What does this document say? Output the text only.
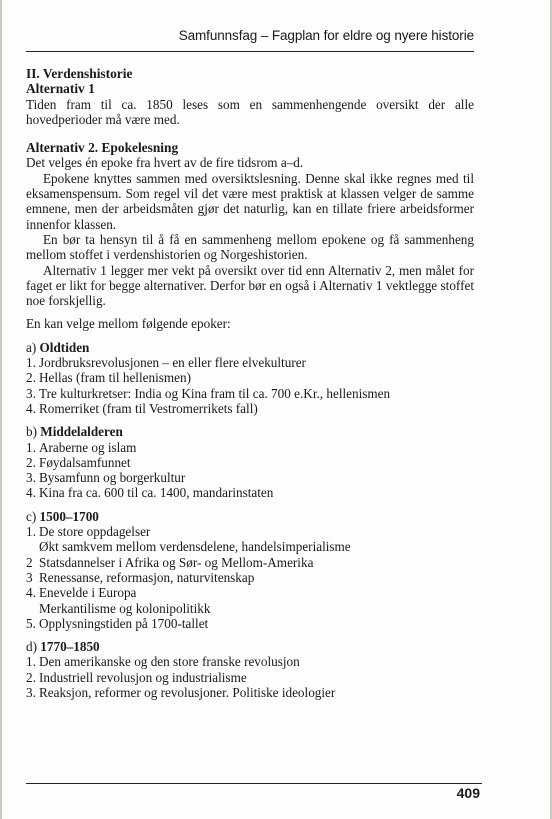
Samfunnsfag – Fagplan for eldre og nyere historie

II. Verdenshistorie

Alternativ 1

Tiden fram til ca. 1850 leses som en sammenhengende oversikt der alle hovedperioder må være med.

Alternativ 2. Epokelesning

Det velges én epoke fra hvert av de fire tidsrom a–d.

Epokene knyttes sammen med oversiktslesning. Denne skal ikke regnes med til eksamenspensum. Som regel vil det være mest praktisk at klassen velger de samme emnene, men der arbeidsmåten gjør det naturlig, kan en tillate friere arbeidsformer innenfor klassen.

En bør ta hensyn til å få en sammenheng mellom epokene og få sammenheng mellom stoffet i verdenshistorien og Norgeshistorien.

Alternativ 1 legger mer vekt på oversikt over tid enn Alternativ 2, men målet for faget er likt for begge alternativer. Derfor bør en også i Alternativ 1 vektlegge stoffet noe forskjellig.

En kan velge mellom følgende epoker:

a) Oldtiden

1. Jordbruksrevolusjonen – en eller flere elvekulturer
2. Hellas (fram til hellenismen)
3. Tre kulturkretser: India og Kina fram til ca. 700 e.Kr., hellenismen
4. Romerriket (fram til Vestromerrikets fall)

b) Middelalderen

1. Araberne og islam
2. Føydalsamfunnet
3. Bysamfunn og borgerkultur
4. Kina fra ca. 600 til ca. 1400, mandarinstaten

c) 1500–1700

1. De store oppdagelser
Økt samkvem mellom verdensdelene, handelsimperialisme
2 Statsdannelser i Afrika og Sør- og Mellom-Amerika
3 Renessanse, reformasjon, naturvitenskap
4. Enevelde i Europa
Merkantilisme og kolonipolitikk
5. Opplysningstiden på 1700-tallet

d) 1770–1850

1. Den amerikanske og den store franske revolusjon
2. Industriell revolusjon og industrialisme
3. Reaksjon, reformer og revolusjoner. Politiske ideologier
409
